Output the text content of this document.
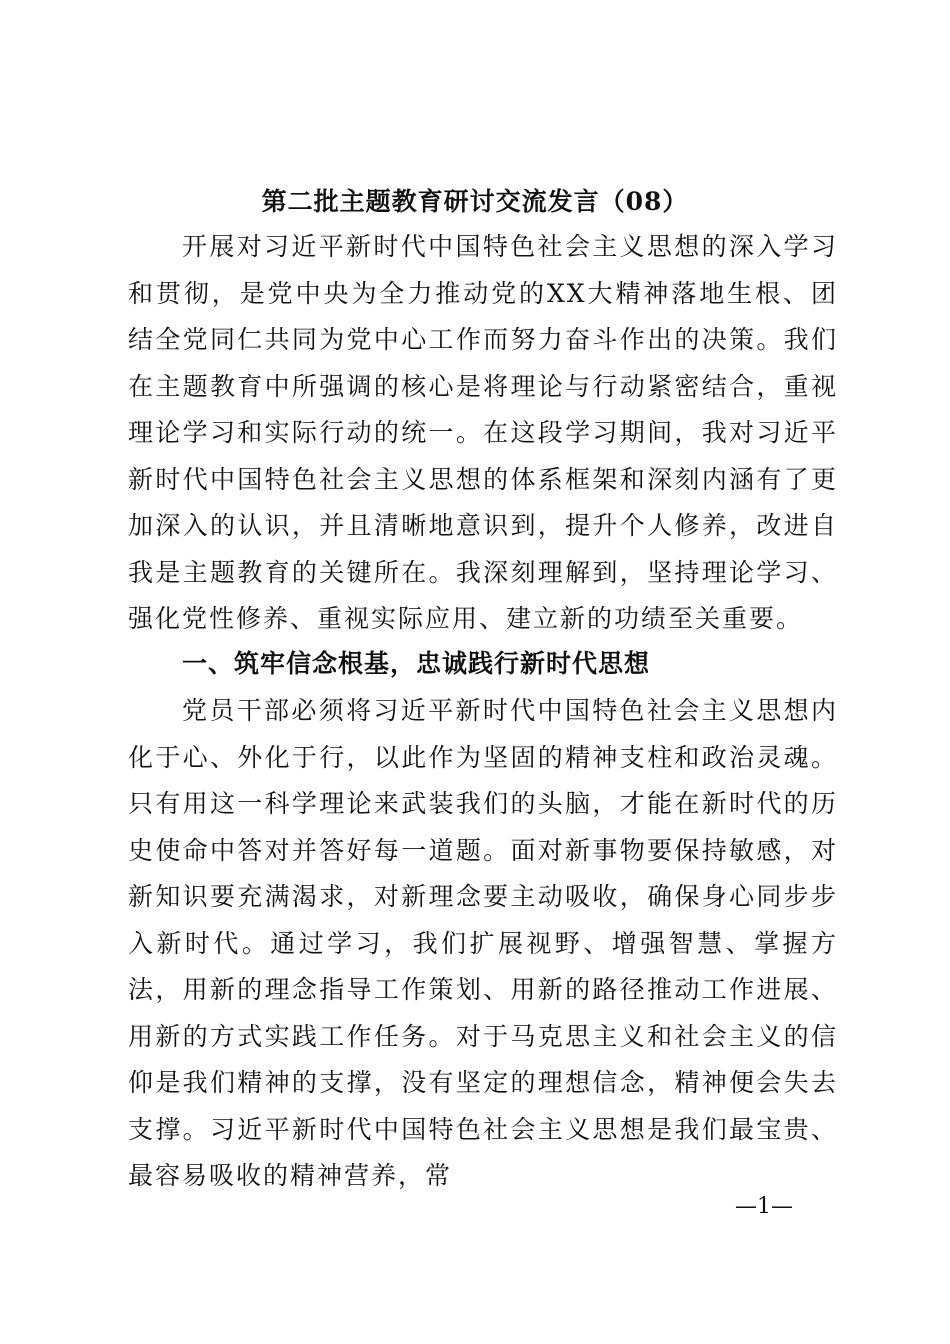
第二批主题教育研讨交流发言（08）

开展对习近平新时代中国特色社会主义思想的深入学习和贯彻，是党中央为全力推动党的XX大精神落地生根、团结全党同仁共同为党中心工作而努力奋斗作出的决策。我们在主题教育中所强调的核心是将理论与行动紧密结合，重视理论学习和实际行动的统一。在这段学习期间，我对习近平新时代中国特色社会主义思想的体系框架和深刻内涵有了更加深入的认识，并且清晰地意识到，提升个人修养，改进自我是主题教育的关键所在。我深刻理解到，坚持理论学习、强化党性修养、重视实际应用、建立新的功绩至关重要。

一、筑牢信念根基，忠诚践行新时代思想

党员干部必须将习近平新时代中国特色社会主义思想内化于心、外化于行，以此作为坚固的精神支柱和政治灵魂。只有用这一科学理论来武装我们的头脑，才能在新时代的历史使命中答对并答好每一道题。面对新事物要保持敏感，对新知识要充满渴求，对新理念要主动吸收，确保身心同步步入新时代。通过学习，我们扩展视野、增强智慧、掌握方法，用新的理念指导工作策划、用新的路径推动工作进展、用新的方式实践工作任务。对于马克思主义和社会主义的信仰是我们精神的支撑，没有坚定的理想信念，精神便会失去支撑。习近平新时代中国特色社会主义思想是我们最宝贵、最容易吸收的精神营养，常

—1—
